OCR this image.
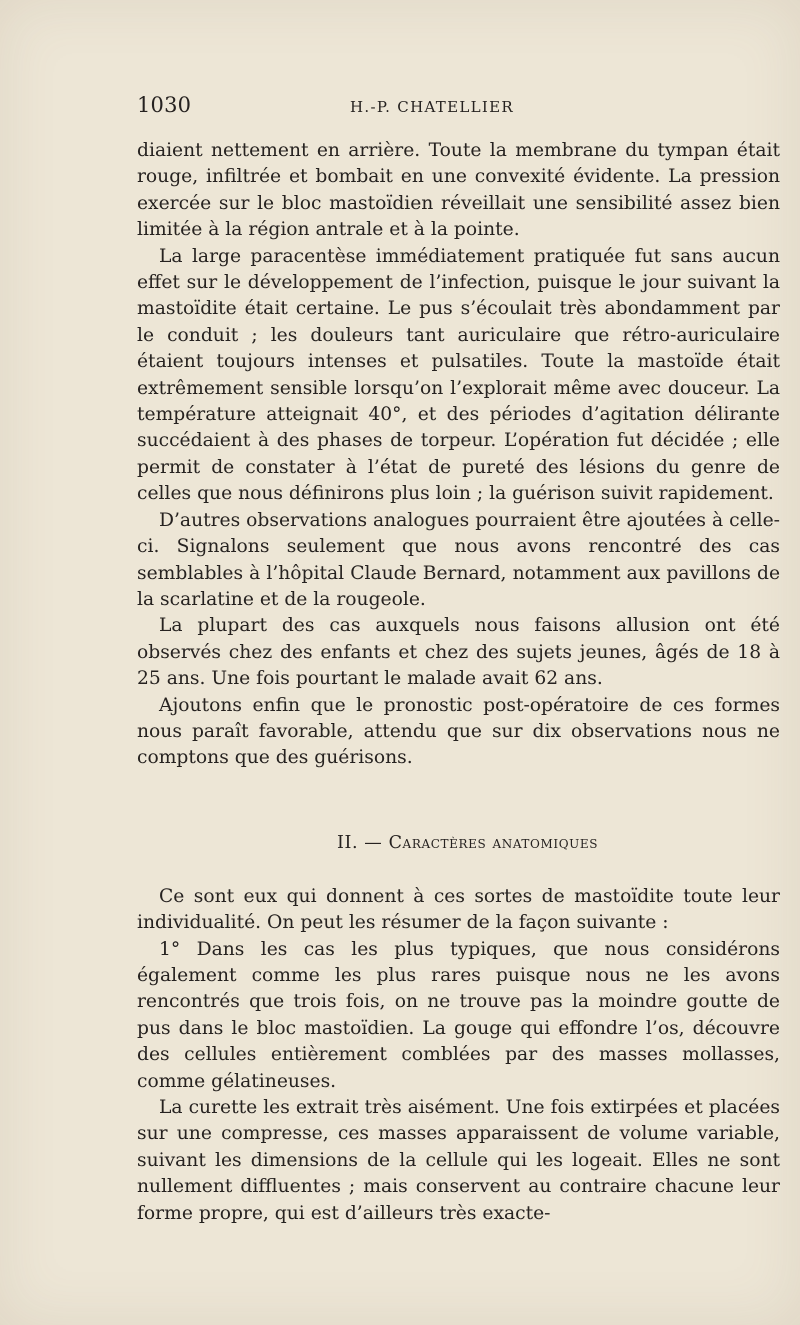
1030	H.-P. CHATELLIER

diaient nettement en arrière. Toute la membrane du tympan était rouge, infiltrée et bombait en une convexité évidente. La pression exercée sur le bloc mastoïdien réveillait une sensibilité assez bien limitée à la région antrale et à la pointe.

La large paracentèse immédiatement pratiquée fut sans aucun effet sur le développement de l’infection, puisque le jour suivant la mastoïdite était certaine. Le pus s’écoulait très abondamment par le conduit ; les douleurs tant auriculaire que rétro-auriculaire étaient toujours intenses et pulsatiles. Toute la mastoïde était extrêmement sensible lorsqu’on l’explorait même avec douceur. La température atteignait 40°, et des périodes d’agitation délirante succédaient à des phases de torpeur. L’opération fut décidée ; elle permit de constater à l’état de pureté des lésions du genre de celles que nous définirons plus loin ; la guérison suivit rapidement.

D’autres observations analogues pourraient être ajoutées à celle-ci. Signalons seulement que nous avons rencontré des cas semblables à l’hôpital Claude Bernard, notamment aux pavillons de la scarlatine et de la rougeole.

La plupart des cas auxquels nous faisons allusion ont été observés chez des enfants et chez des sujets jeunes, âgés de 18 à 25 ans. Une fois pourtant le malade avait 62 ans.

Ajoutons enfin que le pronostic post-opératoire de ces formes nous paraît favorable, attendu que sur dix observations nous ne comptons que des guérisons.

II. — Caractères anatomiques

Ce sont eux qui donnent à ces sortes de mastoïdite toute leur individualité. On peut les résumer de la façon suivante :

1° Dans les cas les plus typiques, que nous considérons également comme les plus rares puisque nous ne les avons rencontrés que trois fois, on ne trouve pas la moindre goutte de pus dans le bloc mastoïdien. La gouge qui effondre l’os, découvre des cellules entièrement comblées par des masses mollasses, comme gélatineuses.

La curette les extrait très aisément. Une fois extirpées et placées sur une compresse, ces masses apparaissent de volume variable, suivant les dimensions de la cellule qui les logeait. Elles ne sont nullement diffluentes ; mais conservent au contraire chacune leur forme propre, qui est d’ailleurs très exacte-
